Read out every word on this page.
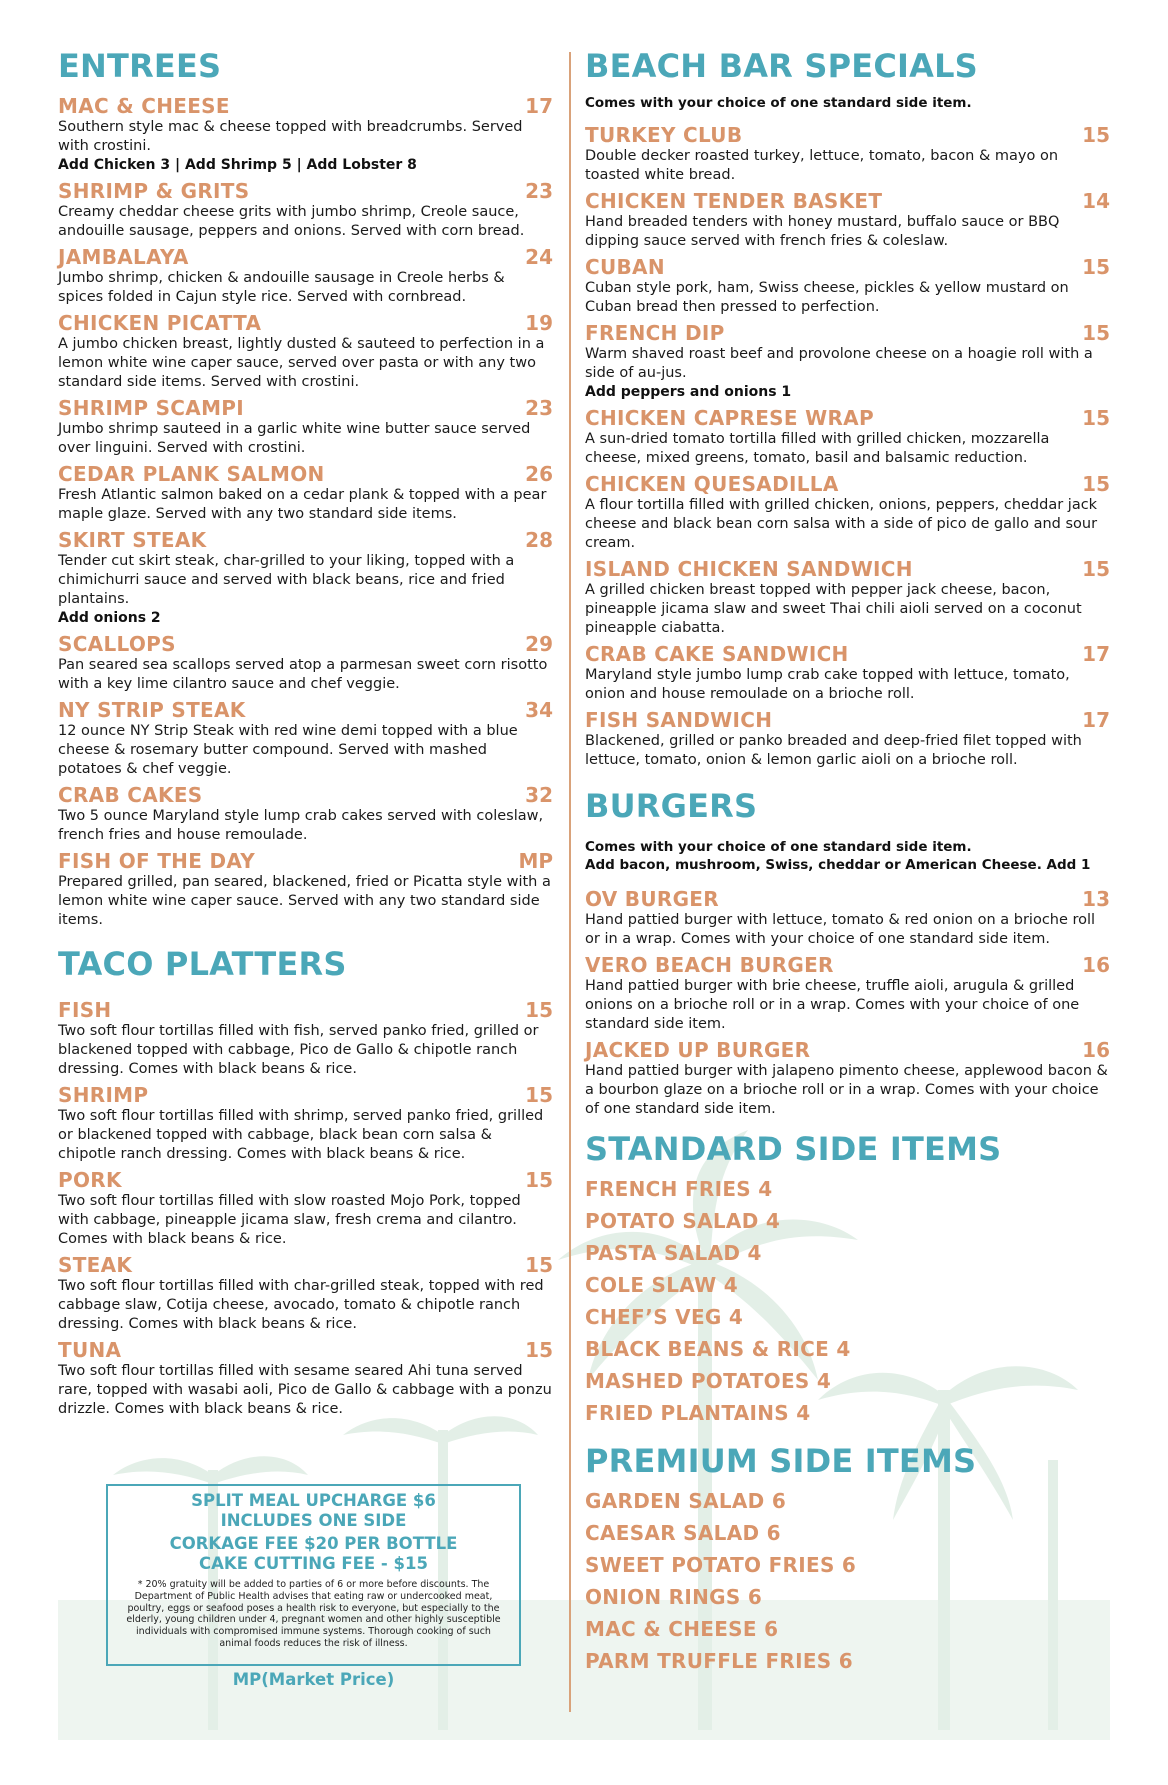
ENTREES
MAC & CHEESE	17
Southern style mac & cheese topped with breadcrumbs. Served with crostini.
Add Chicken 3 | Add Shrimp 5 | Add Lobster 8
SHRIMP & GRITS	23
Creamy cheddar cheese grits with jumbo shrimp, Creole sauce, andouille sausage, peppers and onions. Served with corn bread.
JAMBALAYA	24
Jumbo shrimp, chicken & andouille sausage in Creole herbs & spices folded in Cajun style rice. Served with cornbread.
CHICKEN PICATTA	19
A jumbo chicken breast, lightly dusted & sauteed to perfection in a lemon white wine caper sauce, served over pasta or with any two standard side items. Served with crostini.
SHRIMP SCAMPI	23
Jumbo shrimp sauteed in a garlic white wine butter sauce served over linguini. Served with crostini.
CEDAR PLANK SALMON	26
Fresh Atlantic salmon baked on a cedar plank & topped with a pear maple glaze. Served with any two standard side items.
SKIRT STEAK	28
Tender cut skirt steak, char-grilled to your liking, topped with a chimichurri sauce and served with black beans, rice and fried plantains.
Add onions 2
SCALLOPS	29
Pan seared sea scallops served atop a parmesan sweet corn risotto with a key lime cilantro sauce and chef veggie.
NY STRIP STEAK	34
12 ounce NY Strip Steak with red wine demi topped with a blue cheese & rosemary butter compound. Served with mashed potatoes & chef veggie.
CRAB CAKES	32
Two 5 ounce Maryland style lump crab cakes served with coleslaw, french fries and house remoulade.
FISH OF THE DAY	MP
Prepared grilled, pan seared, blackened, fried or Picatta style with a lemon white wine caper sauce. Served with any two standard side items.
TACO PLATTERS
FISH	15
Two soft flour tortillas filled with fish, served panko fried, grilled or blackened topped with cabbage, Pico de Gallo & chipotle ranch dressing. Comes with black beans & rice.
SHRIMP	15
Two soft flour tortillas filled with shrimp, served panko fried, grilled or blackened topped with cabbage, black bean corn salsa & chipotle ranch dressing. Comes with black beans & rice.
PORK	15
Two soft flour tortillas filled with slow roasted Mojo Pork, topped with cabbage, pineapple jicama slaw, fresh crema and cilantro. Comes with black beans & rice.
STEAK	15
Two soft flour tortillas filled with char-grilled steak, topped with red cabbage slaw, Cotija cheese, avocado, tomato & chipotle ranch dressing. Comes with black beans & rice.
TUNA	15
Two soft flour tortillas filled with sesame seared Ahi tuna served rare, topped with wasabi aoli, Pico de Gallo & cabbage with a ponzu drizzle. Comes with black beans & rice.
SPLIT MEAL UPCHARGE $6
INCLUDES ONE SIDE
CORKAGE FEE $20 PER BOTTLE
CAKE CUTTING FEE - $15
* 20% gratuity will be added to parties of 6 or more before discounts. The Department of Public Health advises that eating raw or undercooked meat, poultry, eggs or seafood poses a health risk to everyone, but especially to the elderly, young children under 4, pregnant women and other highly susceptible individuals with compromised immune systems. Thorough cooking of such animal foods reduces the risk of illness.
MP(Market Price)
BEACH BAR SPECIALS
Comes with your choice of one standard side item.
TURKEY CLUB	15
Double decker roasted turkey, lettuce, tomato, bacon & mayo on toasted white bread.
CHICKEN TENDER BASKET	14
Hand breaded tenders with honey mustard, buffalo sauce or BBQ dipping sauce served with french fries & coleslaw.
CUBAN	15
Cuban style pork, ham, Swiss cheese, pickles & yellow mustard on Cuban bread then pressed to perfection.
FRENCH DIP	15
Warm shaved roast beef and provolone cheese on a hoagie roll with a side of au-jus.
Add peppers and onions 1
CHICKEN CAPRESE WRAP	15
A sun-dried tomato tortilla filled with grilled chicken, mozzarella cheese, mixed greens, tomato, basil and balsamic reduction.
CHICKEN QUESADILLA	15
A flour tortilla filled with grilled chicken, onions, peppers, cheddar jack cheese and black bean corn salsa with a side of pico de gallo and sour cream.
ISLAND CHICKEN SANDWICH	15
A grilled chicken breast topped with pepper jack cheese, bacon, pineapple jicama slaw and sweet Thai chili aioli served on a coconut pineapple ciabatta.
CRAB CAKE SANDWICH	17
Maryland style jumbo lump crab cake topped with lettuce, tomato, onion and house remoulade on a brioche roll.
FISH SANDWICH	17
Blackened, grilled or panko breaded and deep-fried filet topped with lettuce, tomato, onion & lemon garlic aioli on a brioche roll.
BURGERS
Comes with your choice of one standard side item.
Add bacon, mushroom, Swiss, cheddar or American Cheese. Add 1
OV BURGER	13
Hand pattied burger with lettuce, tomato & red onion on a brioche roll or in a wrap. Comes with your choice of one standard side item.
VERO BEACH BURGER	16
Hand pattied burger with brie cheese, truffle aioli, arugula & grilled onions on a brioche roll or in a wrap. Comes with your choice of one standard side item.
JACKED UP BURGER	16
Hand pattied burger with jalapeno pimento cheese, applewood bacon & a bourbon glaze on a brioche roll or in a wrap. Comes with your choice of one standard side item.
STANDARD SIDE ITEMS
FRENCH FRIES 4
POTATO SALAD 4
PASTA SALAD 4
COLE SLAW 4
CHEF’S VEG 4
BLACK BEANS & RICE 4
MASHED POTATOES 4
FRIED PLANTAINS 4
PREMIUM SIDE ITEMS
GARDEN SALAD 6
CAESAR SALAD 6
SWEET POTATO FRIES 6
ONION RINGS 6
MAC & CHEESE 6
PARM TRUFFLE FRIES 6
